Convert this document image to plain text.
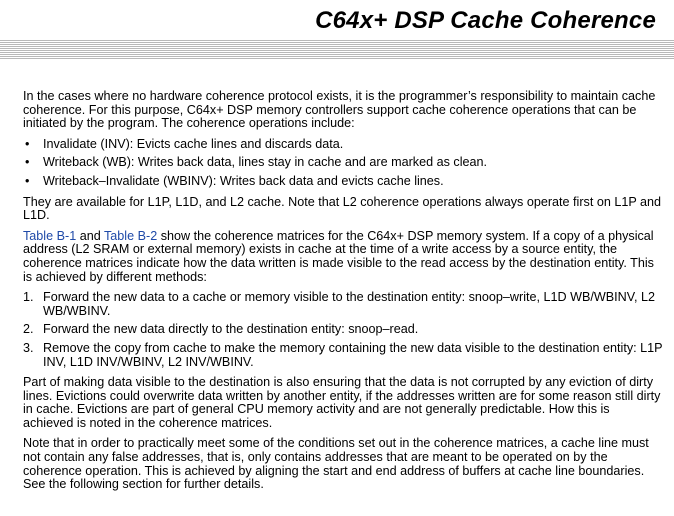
C64x+ DSP Cache Coherence

In the cases where no hardware coherence protocol exists, it is the programmer’s responsibility to maintain cache coherence. For this purpose, C64x+ DSP memory controllers support cache coherence operations that can be initiated by the program. The coherence operations include:

• Invalidate (INV): Evicts cache lines and discards data.
• Writeback (WB): Writes back data, lines stay in cache and are marked as clean.
• Writeback–Invalidate (WBINV): Writes back data and evicts cache lines.

They are available for L1P, L1D, and L2 cache. Note that L2 coherence operations always operate first on L1P and L1D.

Table B-1 and Table B-2 show the coherence matrices for the C64x+ DSP memory system. If a copy of a physical address (L2 SRAM or external memory) exists in cache at the time of a write access by a source entity, the coherence matrices indicate how the data written is made visible to the read access by the destination entity. This is achieved by different methods:

1. Forward the new data to a cache or memory visible to the destination entity: snoop–write, L1D WB/WBINV, L2 WB/WBINV.
2. Forward the new data directly to the destination entity: snoop–read.
3. Remove the copy from cache to make the memory containing the new data visible to the destination entity: L1P INV, L1D INV/WBINV, L2 INV/WBINV.

Part of making data visible to the destination is also ensuring that the data is not corrupted by any eviction of dirty lines. Evictions could overwrite data written by another entity, if the addresses written are for some reason still dirty in cache. Evictions are part of general CPU memory activity and are not generally predictable. How this is achieved is noted in the coherence matrices.

Note that in order to practically meet some of the conditions set out in the coherence matrices, a cache line must not contain any false addresses, that is, only contains addresses that are meant to be operated on by the coherence operation. This is achieved by aligning the start and end address of buffers at cache line boundaries. See the following section for further details.
